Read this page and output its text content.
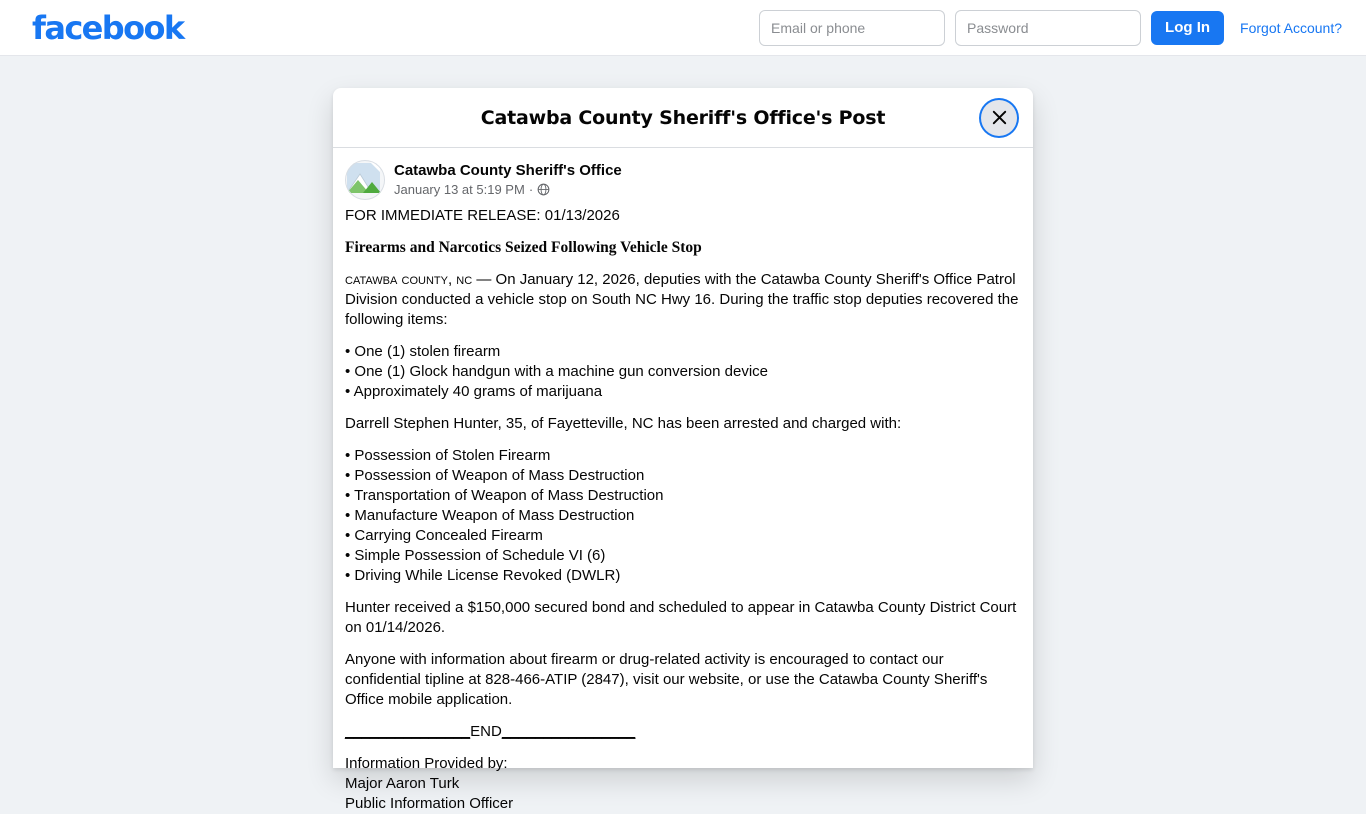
facebook
Email or phone	Log In	Forgot Account?
Catawba County Sheriff's Office's Post
Catawba County Sheriff's Office
January 13 at 5:19 PM ·

FOR IMMEDIATE RELEASE: 01/13/2026

Firearms and Narcotics Seized Following Vehicle Stop

catawba county, nc — On January 12, 2026, deputies with the Catawba County Sheriff's Office Patrol Division conducted a vehicle stop on South NC Hwy 16. During the traffic stop deputies recovered the following items:

• One (1) stolen firearm
• One (1) Glock handgun with a machine gun conversion device
• Approximately 40 grams of marijuana

Darrell Stephen Hunter, 35, of Fayetteville, NC has been arrested and charged with:

• Possession of Stolen Firearm
• Possession of Weapon of Mass Destruction
• Transportation of Weapon of Mass Destruction
• Manufacture Weapon of Mass Destruction
• Carrying Concealed Firearm
• Simple Possession of Schedule VI (6)
• Driving While License Revoked (DWLR)

Hunter received a $150,000 secured bond and scheduled to appear in Catawba County District Court on 01/14/2026.

Anyone with information about firearm or drug-related activity is encouraged to contact our confidential tipline at 828-466-ATIP (2847), visit our website, or use the Catawba County Sheriff's Office mobile application.

_______________END________________

Information Provided by:
Major Aaron Turk
Public Information Officer
